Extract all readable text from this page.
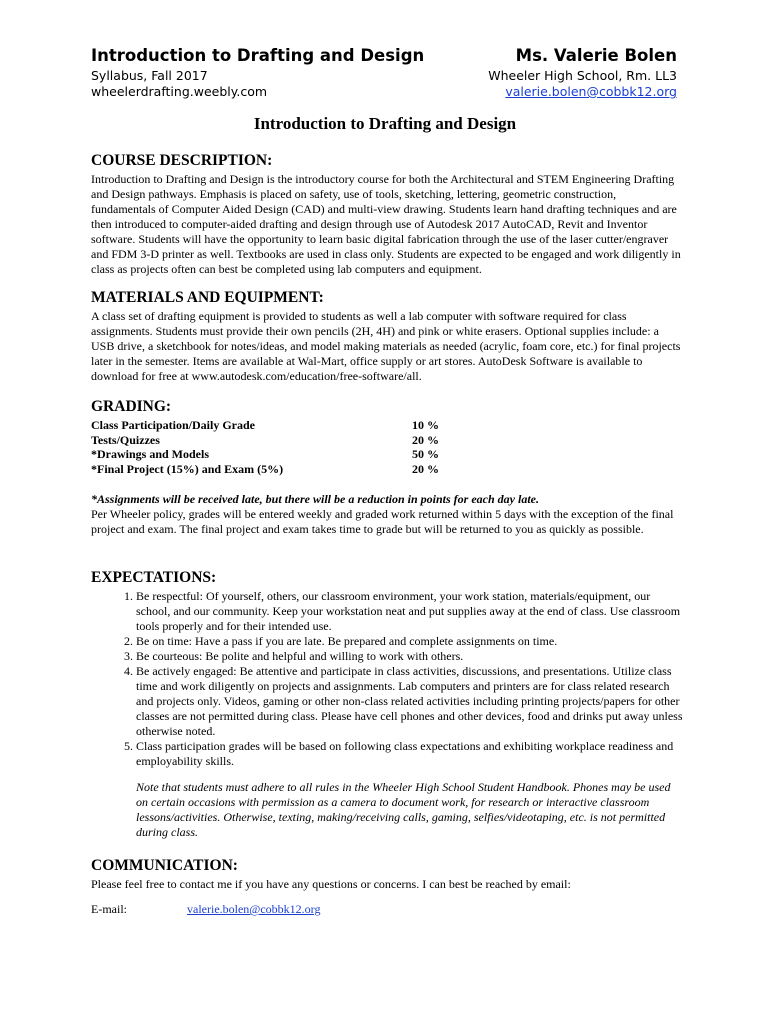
Introduction to Drafting and Design
Syllabus, Fall 2017
wheelerdrafting.weebly.com
Ms. Valerie Bolen
Wheeler High School, Rm. LL3
valerie.bolen@cobbk12.org
Introduction to Drafting and Design
COURSE DESCRIPTION:

Introduction to Drafting and Design is the introductory course for both the Architectural and STEM Engineering Drafting and Design pathways. Emphasis is placed on safety, use of tools, sketching, lettering, geometric construction, fundamentals of Computer Aided Design (CAD) and multi-view drawing. Students learn hand drafting techniques and are then introduced to computer-aided drafting and design through use of Autodesk 2017 AutoCAD, Revit and Inventor software. Students will have the opportunity to learn basic digital fabrication through the use of the laser cutter/engraver and FDM 3-D printer as well. Textbooks are used in class only. Students are expected to be engaged and work diligently in class as projects often can best be completed using lab computers and equipment.

MATERIALS AND EQUIPMENT:

A class set of drafting equipment is provided to students as well a lab computer with software required for class assignments. Students must provide their own pencils (2H, 4H) and pink or white erasers. Optional supplies include: a USB drive, a sketchbook for notes/ideas, and model making materials as needed (acrylic, foam core, etc.) for final projects later in the semester. Items are available at Wal-Mart, office supply or art stores. AutoDesk Software is available to download for free at www.autodesk.com/education/free-software/all.

GRADING:
Class Participation/Daily Grade	10 %
Tests/Quizzes	20 %
*Drawings and Models	50 %
*Final Project (15%) and Exam (5%)	20 %

*Assignments will be received late, but there will be a reduction in points for each day late.

Per Wheeler policy, grades will be entered weekly and graded work returned within 5 days with the exception of the final project and exam. The final project and exam takes time to grade but will be returned to you as quickly as possible.

EXPECTATIONS:
1. Be respectful: Of yourself, others, our classroom environment, your work station, materials/equipment, our school, and our community. Keep your workstation neat and put supplies away at the end of class. Use classroom tools properly and for their intended use.
2. Be on time: Have a pass if you are late. Be prepared and complete assignments on time.
3. Be courteous: Be polite and helpful and willing to work with others.
4. Be actively engaged: Be attentive and participate in class activities, discussions, and presentations. Utilize class time and work diligently on projects and assignments. Lab computers and printers are for class related research and projects only. Videos, gaming or other non-class related activities including printing projects/papers for other classes are not permitted during class. Please have cell phones and other devices, food and drinks put away unless otherwise noted.
5. Class participation grades will be based on following class expectations and exhibiting workplace readiness and employability skills.

Note that students must adhere to all rules in the Wheeler High School Student Handbook. Phones may be used on certain occasions with permission as a camera to document work, for research or interactive classroom lessons/activities. Otherwise, texting, making/receiving calls, gaming, selfies/videotaping, etc. is not permitted during class.

COMMUNICATION:

Please feel free to contact me if you have any questions or concerns. I can best be reached by email:

E-mail:	valerie.bolen@cobbk12.org
